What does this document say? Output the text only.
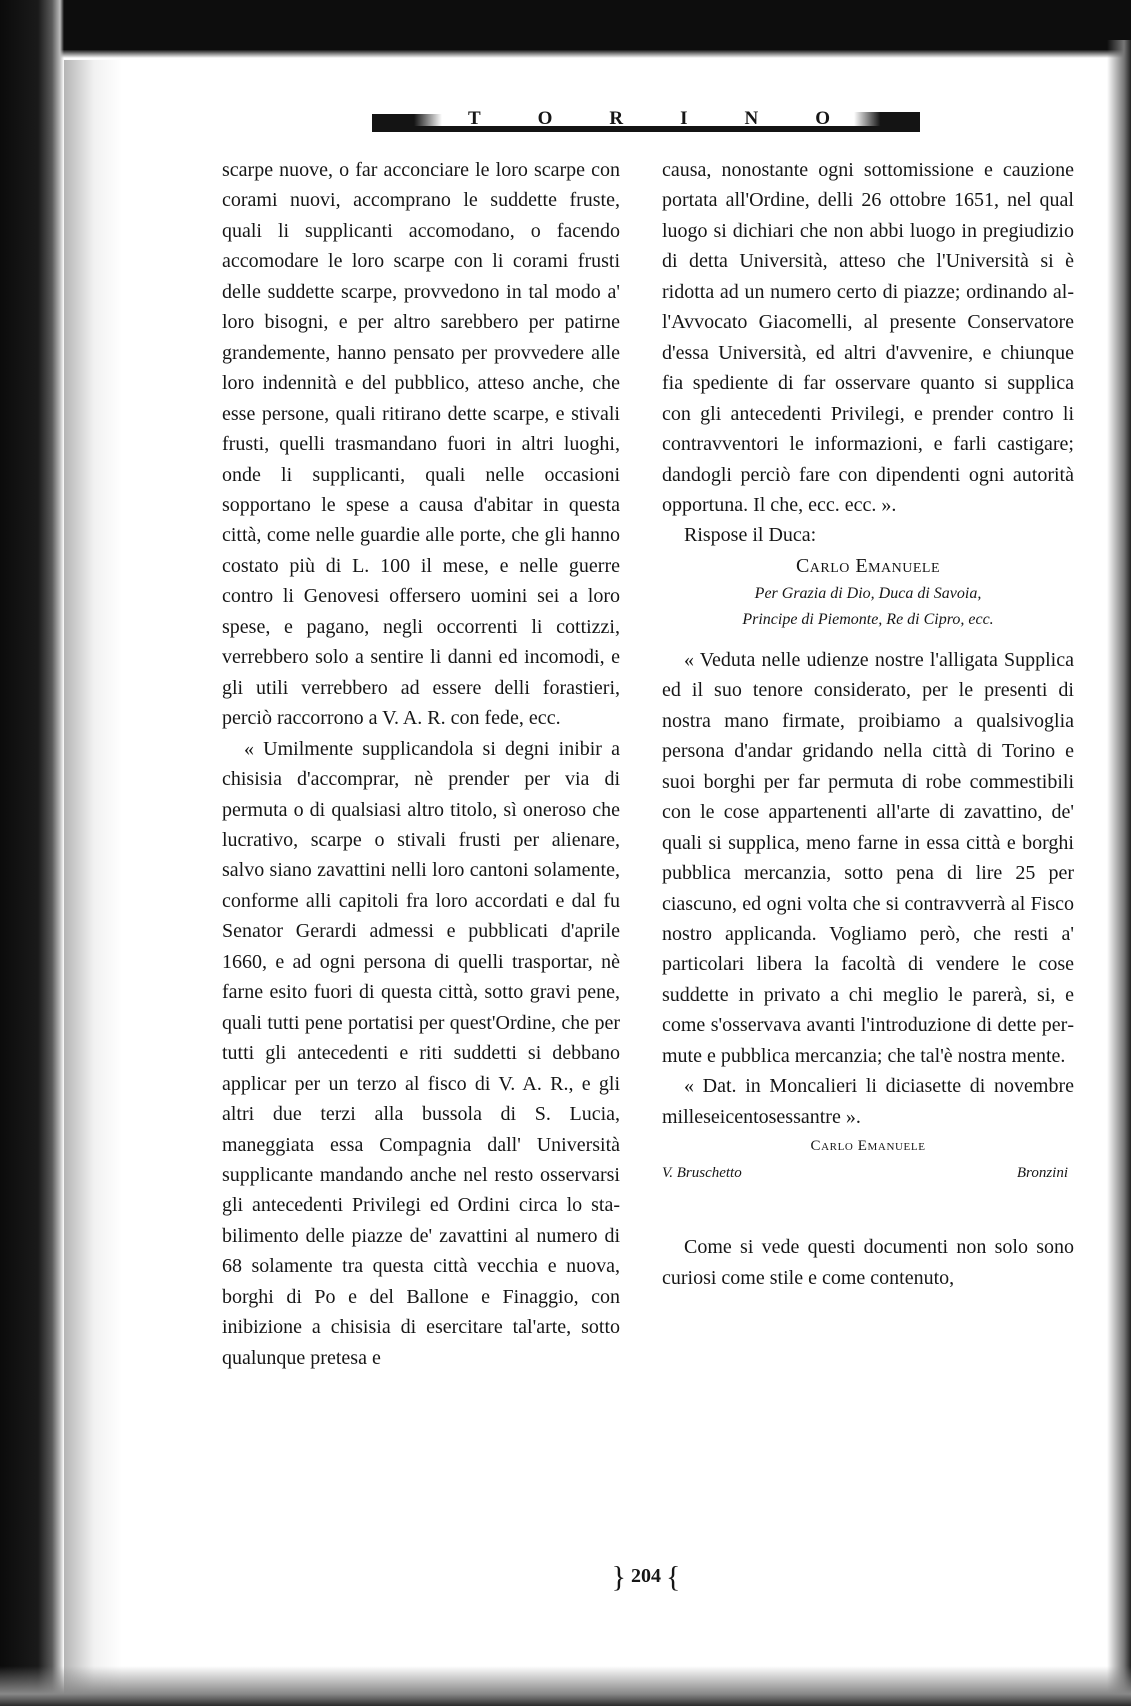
T	O	R	I	N	O

scarpe nuove, o far acconciare le loro scarpe con corami nuovi, accomprano le suddette fruste, quali li supplicanti accomodano, o facendo accomodare le loro scarpe con li corami frusti delle suddette scarpe, provvedono in tal modo a' loro bisogni, e per altro sarebbero per patirne grandemente, hanno pensato per provvedere alle loro indennità e del pubblico, atteso anche, che esse persone, quali ritirano dette scarpe, e stivali frusti, quelli trasmandano fuori in altri luoghi, onde li supplicanti, quali nelle occasioni sopportano le spese a causa d'abitar in questa città, come nelle guardie alle porte, che gli hanno costato più di L. 100 il mese, e nelle guerre contro li Genovesi offersero uomini sei a loro spese, e pagano, negli occorrenti li cottizzi, verrebbero solo a sentire li danni ed incomodi, e gli utili verrebbero ad essere delli forastieri, perciò raccorrono a V. A. R. con fede, ecc.

« Umilmente supplicandola si degni inibir a chisisia d'accomprar, nè prender per via di permuta o di qualsiasi altro titolo, sì oneroso che lucrativo, scarpe o stivali frusti per alienare, salvo siano zavattini nelli loro cantoni solamente, conforme alli capitoli fra loro accordati e dal fu Senator Gerardi admessi e pubblicati d'aprile 1660, e ad ogni persona di quelli trasportar, nè farne esito fuori di questa città, sotto gravi pene, quali tutti pene portatisi per quest'Ordine, che per tutti gli antecedenti e riti suddetti si debbano applicar per un terzo al fisco di V. A. R., e gli altri due terzi alla bussola di S. Lucia, maneggiata essa Compagnia dall' Università supplicante mandando anche nel resto osservarsi gli antecedenti Privilegi ed Ordini circa lo stabilimento delle piazze de' zavattini al numero di 68 solamente tra questa città vecchia e nuova, borghi di Po e del Ballone e Finaggio, con inibizione a chisisia di esercitare tal'arte, sotto qualunque pretesa e

causa, nonostante ogni sottomissione e cauzione portata all'Ordine, delli 26 ottobre 1651, nel qual luogo si dichiari che non abbi luogo in pregiudizio di detta Università, atteso che l'Università si è ridotta ad un numero certo di piazze; ordinando all'Avvocato Giacomelli, al presente Conservatore d'essa Università, ed altri d'avvenire, e chiunque fia spediente di far osservare quanto si supplica con gli antecedenti Privilegi, e prender contro li contravventori le informazioni, e farli castigare; dandogli perciò fare con dipendenti ogni autorità opportuna. Il che, ecc. ecc. ».

Rispose il Duca:

Carlo Emanuele

Per Grazia di Dio, Duca di Savoia,

Principe di Piemonte, Re di Cipro, ecc.

« Veduta nelle udienze nostre l'alligata Supplica ed il suo tenore considerato, per le presenti di nostra mano firmate, proibiamo a qualsivoglia persona d'andar gridando nella città di Torino e suoi borghi per far permuta di robe commestibili con le cose appartenenti all'arte di zavattino, de' quali si supplica, meno farne in essa città e borghi pubblica mercanzia, sotto pena di lire 25 per ciascuno, ed ogni volta che si contravverrà al Fisco nostro applicanda. Vogliamo però, che resti a' particolari libera la facoltà di vendere le cose suddette in privato a chi meglio le parerà, si, e come s'osservava avanti l'introduzione di dette permute e pubblica mercanzia; che tal'è nostra mente.

« Dat. in Moncalieri li diciasette di novembre milleseicentosessantre ».

Carlo Emanuele

V. Bruschetto	Bronzini

Come si vede questi documenti non solo sono curiosi come stile e come contenuto,

} 204 {
